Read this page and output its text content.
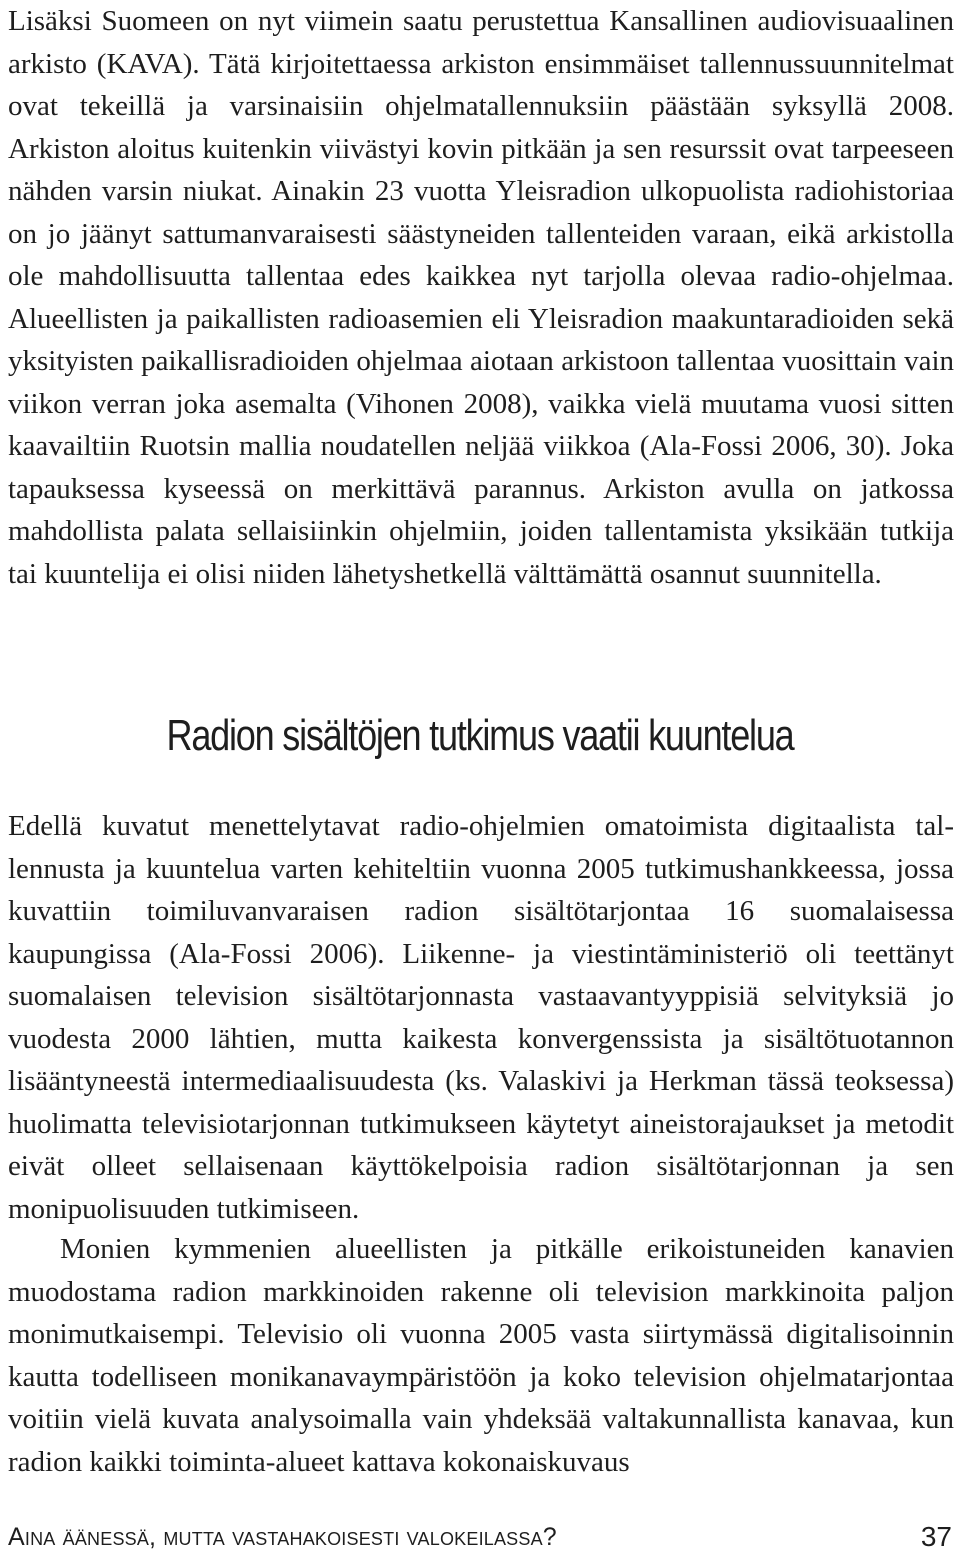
Lisäksi Suomeen on nyt viimein saatu perustettua Kansallinen audiovisuaalinen arkisto (KAVA). Tätä kirjoitettaessa arkiston ensimmäiset tallennussuunnitelmat ovat tekeillä ja varsinaisiin ohjelmatallennuksiin päästään syksyllä 2008. Arkiston aloitus kuitenkin viivästyi kovin pitkään ja sen resurssit ovat tarpeeseen nähden varsin niukat. Ainakin 23 vuotta Yleisradion ulkopuolista radiohistoriaa on jo jäänyt sattumanvaraisesti säästyneiden tallenteiden varaan, eikä arkistolla ole mahdollisuutta tallentaa edes kaikkea nyt tarjolla olevaa radio-ohjelmaa. Alueellisten ja paikallisten radioasemien eli Yleisradion maakuntaradioiden sekä yksityisten paikallisradioiden ohjelmaa aiotaan arkistoon tallentaa vuosittain vain viikon verran joka asemalta (Vihonen 2008), vaikka vielä muutama vuosi sitten kaavailtiin Ruotsin mallia noudatellen neljää viikkoa (Ala-Fossi 2006, 30). Joka tapauksessa kyseessä on merkittävä parannus. Arkiston avulla on jatkossa mahdollista palata sellaisiinkin ohjelmiin, joiden tallentamista yksikään tutkija tai kuuntelija ei olisi niiden lähetyshetkellä välttämättä osannut suunnitella.

Radion sisältöjen tutkimus vaatii kuuntelua

Edellä kuvatut menettelytavat radio-ohjelmien omatoimista digitaalista tallennusta ja kuuntelua varten kehiteltiin vuonna 2005 tutkimushankkeessa, jossa kuvattiin toimiluvanvaraisen radion sisältötarjontaa 16 suomalaisessa kaupungissa (Ala-Fossi 2006). Liikenne- ja viestintäministeriö oli teettänyt suomalaisen television sisältötarjonnasta vastaavantyyppisiä selvityksiä jo vuodesta 2000 lähtien, mutta kaikesta konvergenssista ja sisältötuotannon lisääntyneestä intermediaalisuudesta (ks. Valaskivi ja Herkman tässä teoksessa) huolimatta televisiotarjonnan tutkimukseen käytetyt aineistorajaukset ja metodit eivät olleet sellaisenaan käyttökelpoisia radion sisältötarjonnan ja sen monipuolisuuden tutkimiseen.

Monien kymmenien alueellisten ja pitkälle erikoistuneiden kanavien muodostama radion markkinoiden rakenne oli television markkinoita paljon monimutkaisempi. Televisio oli vuonna 2005 vasta siirtymässä digitalisoinnin kautta todelliseen monikanavaympäristöön ja koko television ohjelmatarjontaa voitiin vielä kuvata analysoimalla vain yhdeksää valtakunnallista kanavaa, kun radion kaikki toiminta-alueet kattava kokonaiskuvaus

Aina äänessä, mutta vastahakoisesti valokeilassa?	37
